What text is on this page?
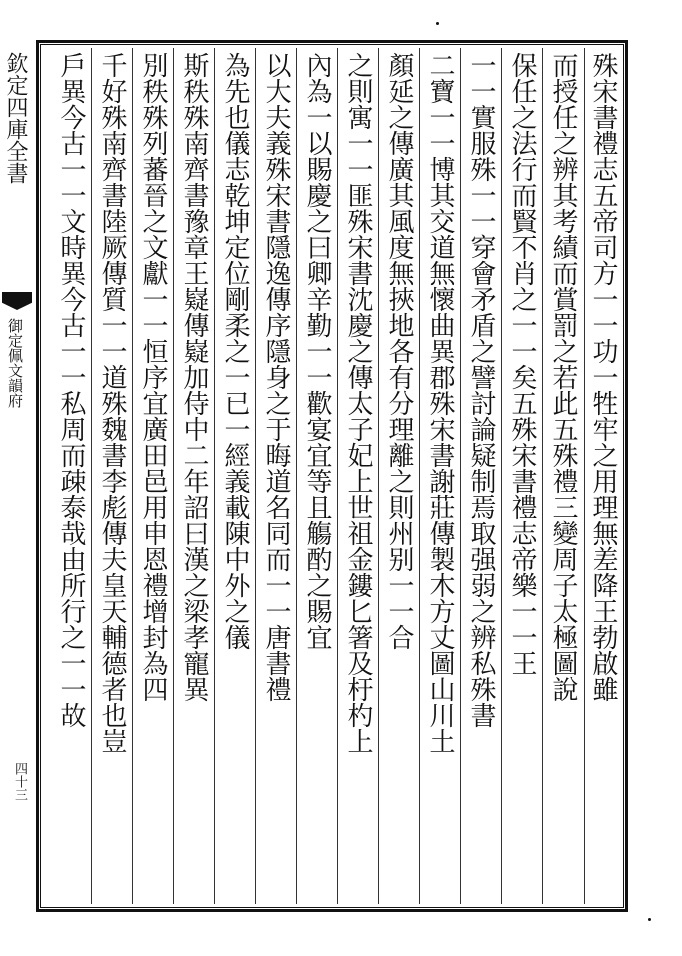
欽定四庫全書
御定佩文韻府
四十三
殊宋書禮志五帝司方一一功一牲牢之用理無差降王勃啟雖
而授任之辨其考績而賞罰之若此五殊禮三變周子太極圖說
保任之法行而賢不肖之一一矣五殊宋書禮志帝樂一一王
一一實服殊一一穿會矛盾之譬討論疑制焉取强弱之辨私殊書
二寶一一博其交道無懷曲異郡殊宋書謝莊傳製木方丈圖山川土
顏延之傳廣其風度無挾地各有分理離之則州别一一合
之則寓一一匪殊宋書沈慶之傳太子妃上世祖金鏤匕箸及杅杓上
內為一以賜慶之曰卿辛勤一一歡宴宜等且觴酌之賜宜
以大夫義殊宋書隱逸傳序隱身之于晦道名同而一一唐書禮
為先也儀志乾坤定位剛柔之一已一經義載陳中外之儀
斯秩殊南齊書豫章王嶷傳嶷加侍中二年詔曰漢之梁孝寵異
別秩殊列蕃晉之文獻一一恒序宜廣田邑用申恩禮增封為四
千好殊南齊書陸厥傳質一一道殊魏書李彪傳夫皇天輔德者也豈
戶異今古一一文時異今古一一私周而疎泰哉由所行之一一故
